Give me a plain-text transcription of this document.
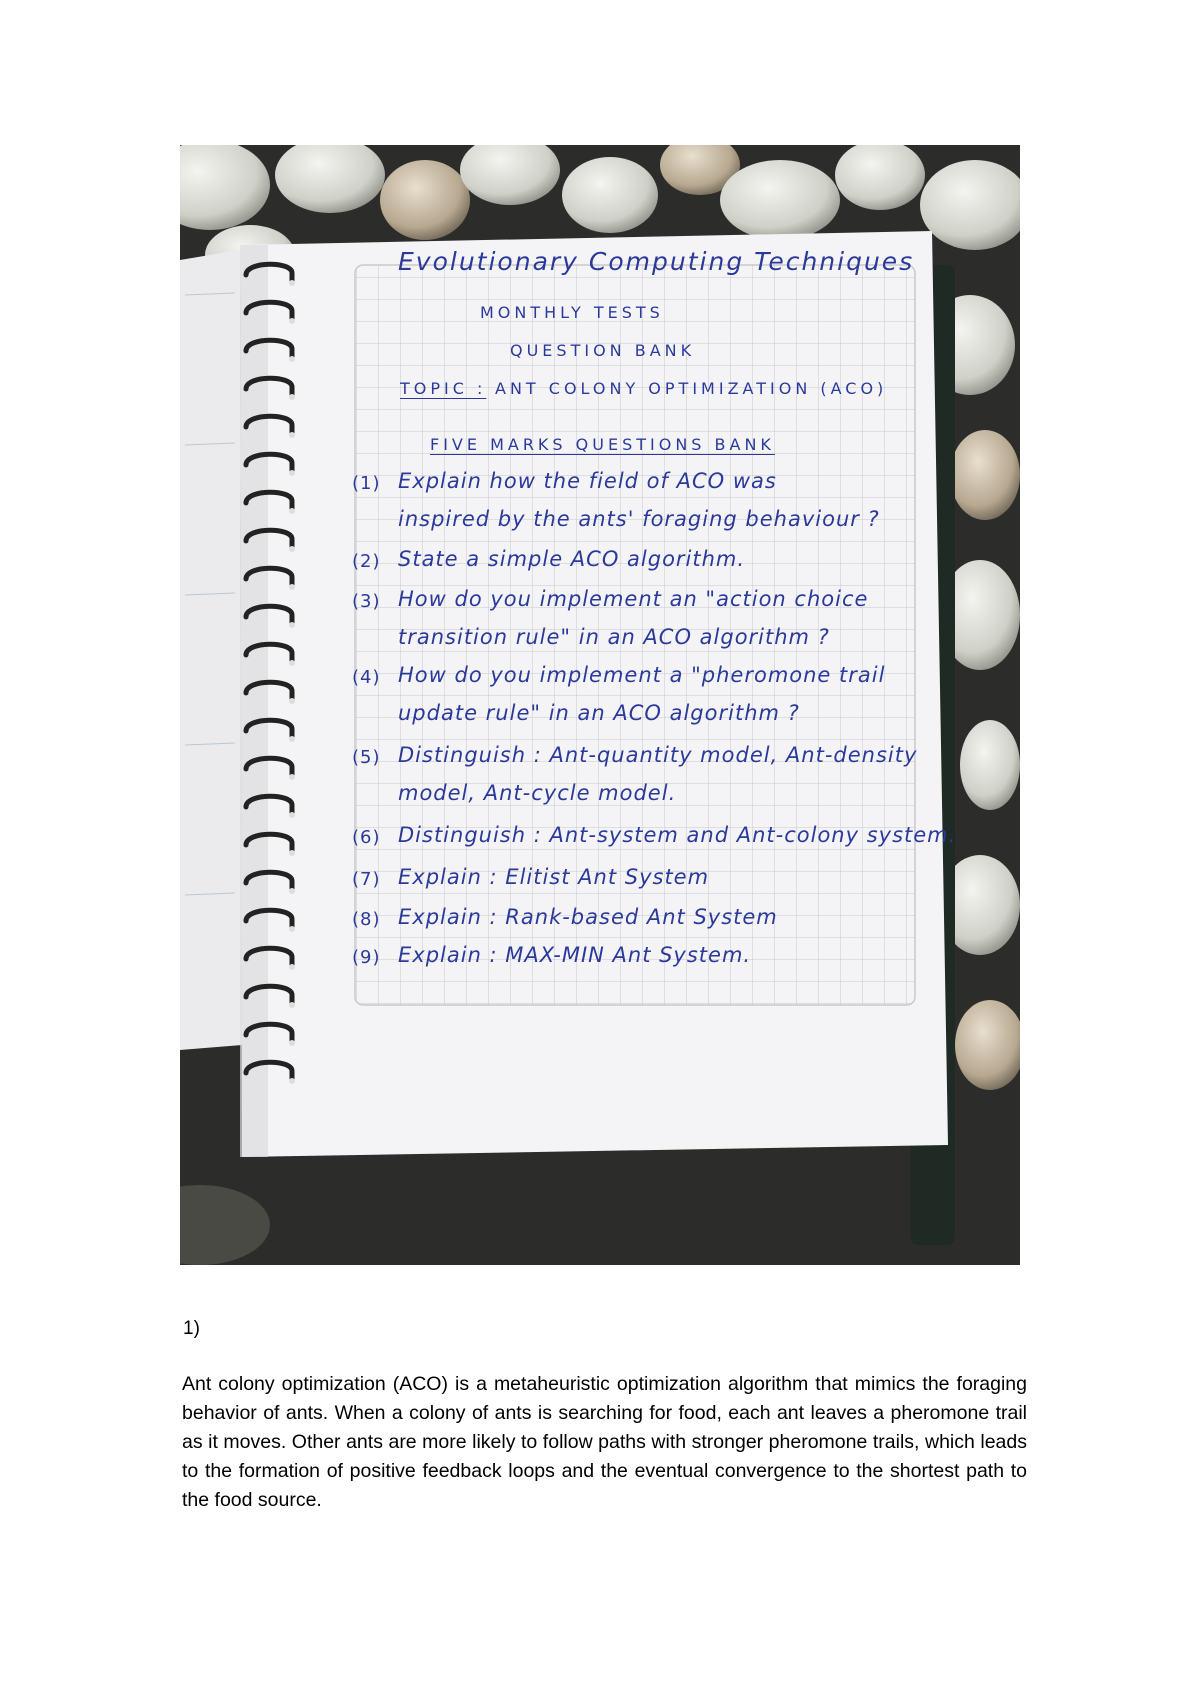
Evolutionary Computing Techniques
MONTHLY TESTS
QUESTION BANK
TOPIC : ANT COLONY OPTIMIZATION (ACO)
FIVE MARKS QUESTIONS BANK
(1) Explain how the field of ACO was
inspired by the ants' foraging behaviour ?
(2) State a simple ACO algorithm.
(3) How do you implement an "action choice
transition rule" in an ACO algorithm ?
(4) How do you implement a "pheromone trail
update rule" in an ACO algorithm ?
(5) Distinguish : Ant-quantity model, Ant-density
model, Ant-cycle model.
(6) Distinguish : Ant-system and Ant-colony system.
(7) Explain : Elitist Ant System
(8) Explain : Rank-based Ant System
(9) Explain : MAX-MIN Ant System.
1)

Ant colony optimization (ACO) is a metaheuristic optimization algorithm that mimics the foraging behavior of ants. When a colony of ants is searching for food, each ant leaves a pheromone trail as it moves. Other ants are more likely to follow paths with stronger pheromone trails, which leads to the formation of positive feedback loops and the eventual convergence to the shortest path to the food source.
